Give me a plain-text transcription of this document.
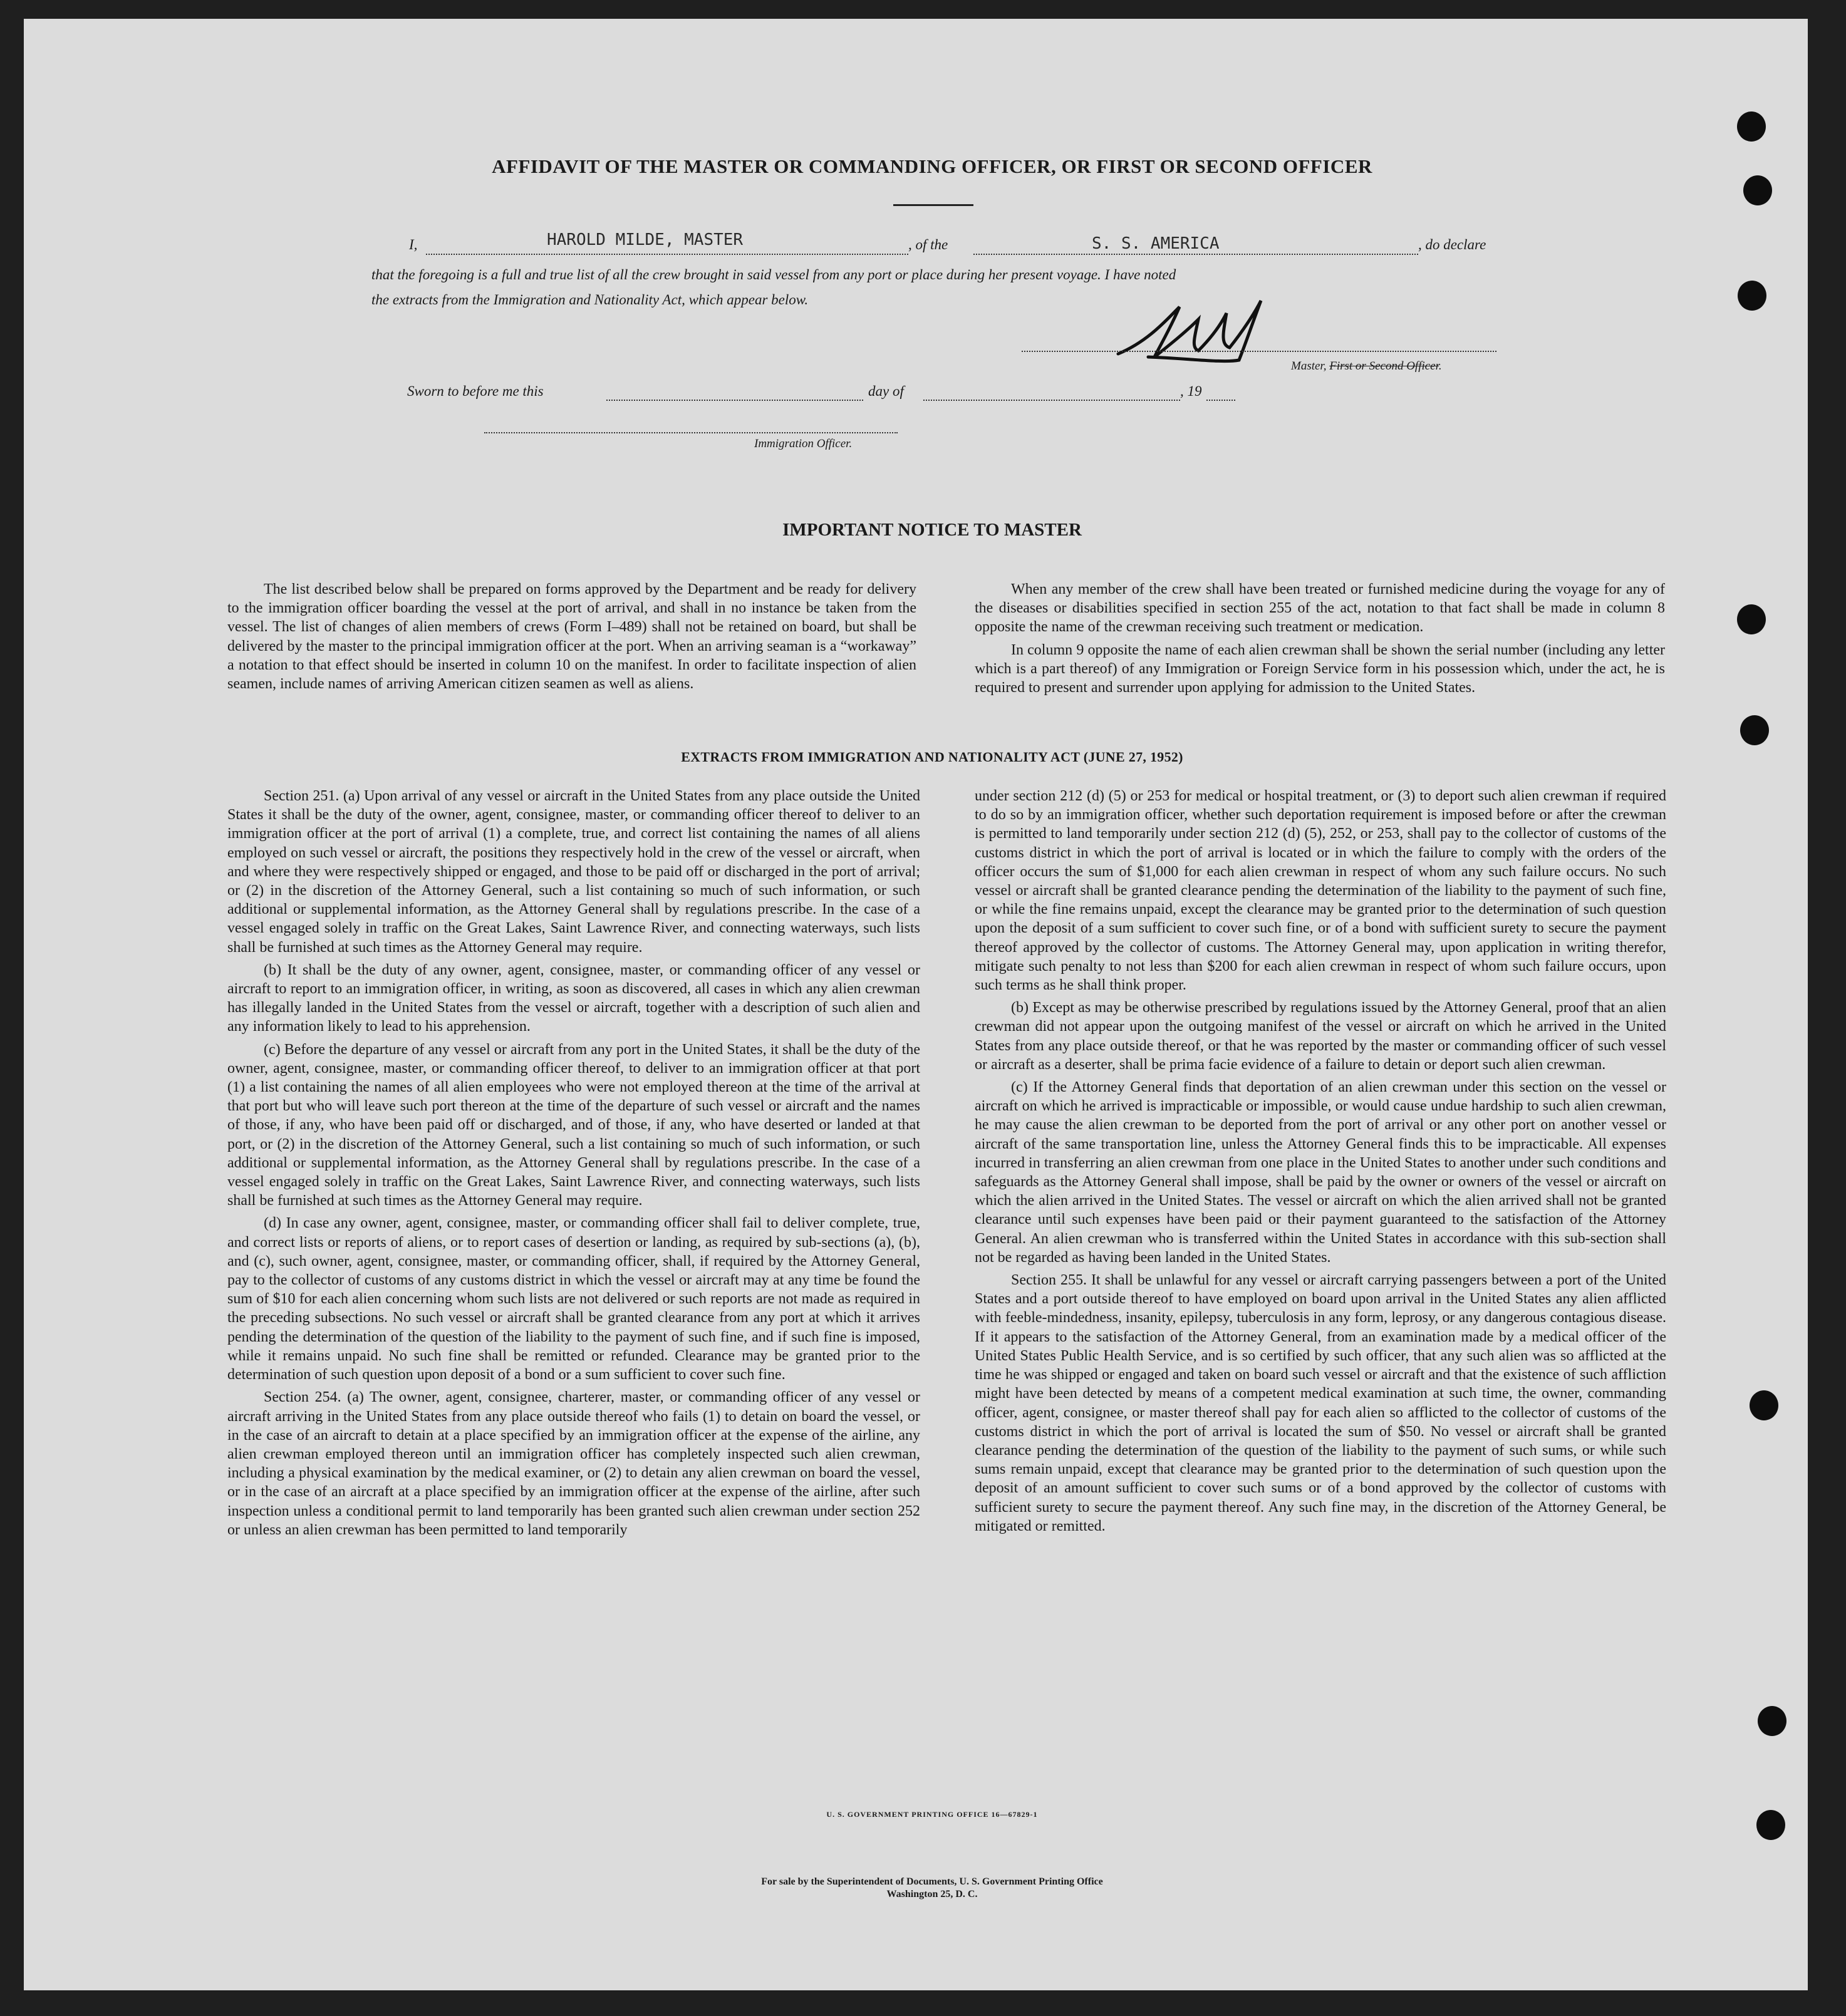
AFFIDAVIT OF THE MASTER OR COMMANDING OFFICER, OR FIRST OR SECOND OFFICER
I,	HAROLD MILDE, MASTER	, of the	S. S. AMERICA	, do declare
that the foregoing is a full and true list of all the crew brought in said vessel from any port or place during her present voyage. I have noted
the extracts from the Immigration and Nationality Act, which appear below.
Master, First or Second Officer.
Sworn to before me this	day of	, 19
Immigration Officer.
IMPORTANT NOTICE TO MASTER

The list described below shall be prepared on forms approved by the Department and be ready for delivery to the immigration officer boarding the vessel at the port of arrival, and shall in no instance be taken from the vessel. The list of changes of alien members of crews (Form I–489) shall not be retained on board, but shall be delivered by the master to the principal immigration officer at the port. When an arriving seaman is a “workaway” a notation to that effect should be inserted in column 10 on the manifest. In order to facilitate inspection of alien seamen, include names of arriving American citizen seamen as well as aliens.

When any member of the crew shall have been treated or furnished medicine during the voyage for any of the diseases or disabilities specified in section 255 of the act, notation to that fact shall be made in column 8 opposite the name of the crewman receiving such treatment or medication.

In column 9 opposite the name of each alien crewman shall be shown the serial number (including any letter which is a part thereof) of any Immigration or Foreign Service form in his possession which, under the act, he is required to present and surrender upon applying for admission to the United States.

EXTRACTS FROM IMMIGRATION AND NATIONALITY ACT (JUNE 27, 1952)

Section 251. (a) Upon arrival of any vessel or aircraft in the United States from any place outside the United States it shall be the duty of the owner, agent, consignee, master, or commanding officer thereof to deliver to an immigration officer at the port of arrival (1) a complete, true, and correct list containing the names of all aliens employed on such vessel or aircraft, the positions they respectively hold in the crew of the vessel or aircraft, when and where they were respectively shipped or engaged, and those to be paid off or discharged in the port of arrival; or (2) in the discretion of the Attorney General, such a list containing so much of such information, or such additional or supplemental information, as the Attorney General shall by regulations prescribe. In the case of a vessel engaged solely in traffic on the Great Lakes, Saint Lawrence River, and connecting waterways, such lists shall be furnished at such times as the Attorney General may require.

(b) It shall be the duty of any owner, agent, consignee, master, or commanding officer of any vessel or aircraft to report to an immigration officer, in writing, as soon as discovered, all cases in which any alien crewman has illegally landed in the United States from the vessel or aircraft, together with a description of such alien and any information likely to lead to his apprehension.

(c) Before the departure of any vessel or aircraft from any port in the United States, it shall be the duty of the owner, agent, consignee, master, or commanding officer thereof, to deliver to an immigration officer at that port (1) a list containing the names of all alien employees who were not employed thereon at the time of the arrival at that port but who will leave such port thereon at the time of the departure of such vessel or aircraft and the names of those, if any, who have been paid off or discharged, and of those, if any, who have deserted or landed at that port, or (2) in the discretion of the Attorney General, such a list containing so much of such information, or such additional or supplemental information, as the Attorney General shall by regulations prescribe. In the case of a vessel engaged solely in traffic on the Great Lakes, Saint Lawrence River, and connecting waterways, such lists shall be furnished at such times as the Attorney General may require.

(d) In case any owner, agent, consignee, master, or commanding officer shall fail to deliver complete, true, and correct lists or reports of aliens, or to report cases of desertion or landing, as required by sub-sections (a), (b), and (c), such owner, agent, consignee, master, or commanding officer, shall, if required by the Attorney General, pay to the collector of customs of any customs district in which the vessel or aircraft may at any time be found the sum of $10 for each alien concerning whom such lists are not delivered or such reports are not made as required in the preceding subsections. No such vessel or aircraft shall be granted clearance from any port at which it arrives pending the determination of the question of the liability to the payment of such fine, and if such fine is imposed, while it remains unpaid. No such fine shall be remitted or refunded. Clearance may be granted prior to the determination of such question upon deposit of a bond or a sum sufficient to cover such fine.

Section 254. (a) The owner, agent, consignee, charterer, master, or commanding officer of any vessel or aircraft arriving in the United States from any place outside thereof who fails (1) to detain on board the vessel, or in the case of an aircraft to detain at a place specified by an immigration officer at the expense of the airline, any alien crewman employed thereon until an immigration officer has completely inspected such alien crewman, including a physical examination by the medical examiner, or (2) to detain any alien crewman on board the vessel, or in the case of an aircraft at a place specified by an immigration officer at the expense of the airline, after such inspection unless a conditional permit to land temporarily has been granted such alien crewman under section 252 or unless an alien crewman has been permitted to land temporarily

under section 212 (d) (5) or 253 for medical or hospital treatment, or (3) to deport such alien crewman if required to do so by an immigration officer, whether such deportation requirement is imposed before or after the crewman is permitted to land temporarily under section 212 (d) (5), 252, or 253, shall pay to the collector of customs of the customs district in which the port of arrival is located or in which the failure to comply with the orders of the officer occurs the sum of $1,000 for each alien crewman in respect of whom any such failure occurs. No such vessel or aircraft shall be granted clearance pending the determination of the liability to the payment of such fine, or while the fine remains unpaid, except the clearance may be granted prior to the determination of such question upon the deposit of a sum sufficient to cover such fine, or of a bond with sufficient surety to secure the payment thereof approved by the collector of customs. The Attorney General may, upon application in writing therefor, mitigate such penalty to not less than $200 for each alien crewman in respect of whom such failure occurs, upon such terms as he shall think proper.

(b) Except as may be otherwise prescribed by regulations issued by the Attorney General, proof that an alien crewman did not appear upon the outgoing manifest of the vessel or aircraft on which he arrived in the United States from any place outside thereof, or that he was reported by the master or commanding officer of such vessel or aircraft as a deserter, shall be prima facie evidence of a failure to detain or deport such alien crewman.

(c) If the Attorney General finds that deportation of an alien crewman under this section on the vessel or aircraft on which he arrived is impracticable or impossible, or would cause undue hardship to such alien crewman, he may cause the alien crewman to be deported from the port of arrival or any other port on another vessel or aircraft of the same transportation line, unless the Attorney General finds this to be impracticable. All expenses incurred in transferring an alien crewman from one place in the United States to another under such conditions and safeguards as the Attorney General shall impose, shall be paid by the owner or owners of the vessel or aircraft on which the alien arrived in the United States. The vessel or aircraft on which the alien arrived shall not be granted clearance until such expenses have been paid or their payment guaranteed to the satisfaction of the Attorney General. An alien crewman who is transferred within the United States in accordance with this sub-section shall not be regarded as having been landed in the United States.

Section 255. It shall be unlawful for any vessel or aircraft carrying passengers between a port of the United States and a port outside thereof to have employed on board upon arrival in the United States any alien afflicted with feeble-mindedness, insanity, epilepsy, tuberculosis in any form, leprosy, or any dangerous contagious disease. If it appears to the satisfaction of the Attorney General, from an examination made by a medical officer of the United States Public Health Service, and is so certified by such officer, that any such alien was so afflicted at the time he was shipped or engaged and taken on board such vessel or aircraft and that the existence of such affliction might have been detected by means of a competent medical examination at such time, the owner, commanding officer, agent, consignee, or master thereof shall pay for each alien so afflicted to the collector of customs of the customs district in which the port of arrival is located the sum of $50. No vessel or aircraft shall be granted clearance pending the determination of the question of the liability to the payment of such sums, or while such sums remain unpaid, except that clearance may be granted prior to the determination of such question upon the deposit of an amount sufficient to cover such sums or of a bond approved by the collector of customs with sufficient surety to secure the payment thereof. Any such fine may, in the discretion of the Attorney General, be mitigated or remitted.

U. S. GOVERNMENT PRINTING OFFICE 16—67829-1
For sale by the Superintendent of Documents, U. S. Government Printing Office
Washington 25, D. C.
